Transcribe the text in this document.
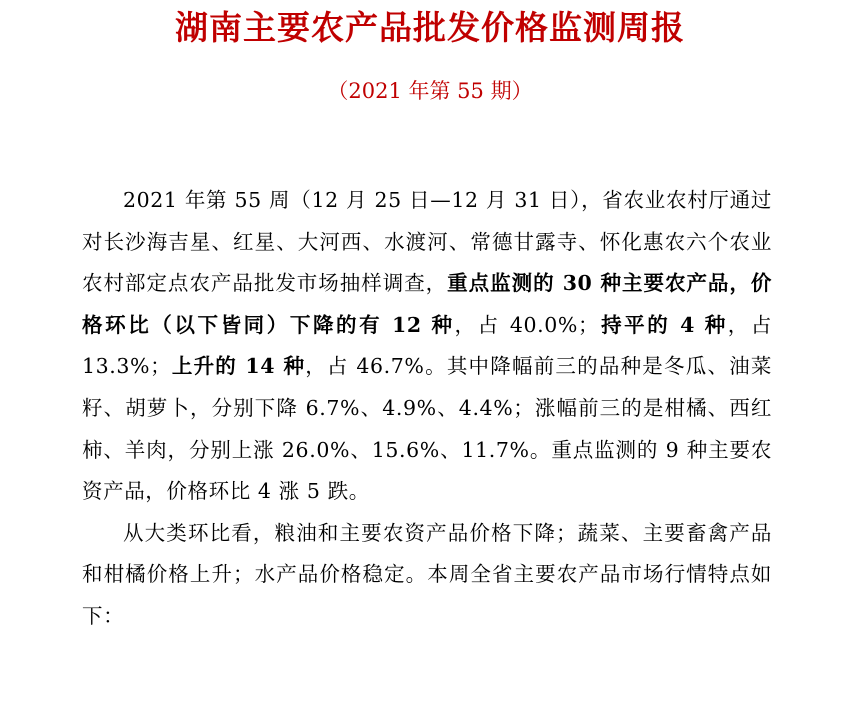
湖南主要农产品批发价格监测周报
（2021 年第 55 期）

2021 年第 55 周（12 月 25 日—12 月 31 日），省农业农村厅通过对长沙海吉星、红星、大河西、水渡河、常德甘露寺、怀化惠农六个农业农村部定点农产品批发市场抽样调查，重点监测的 30 种主要农产品，价格环比（以下皆同）下降的有 12 种，占 40.0%；持平的 4 种，占 13.3%；上升的 14 种，占 46.7%。其中降幅前三的品种是冬瓜、油菜籽、胡萝卜，分别下降 6.7%、4.9%、4.4%；涨幅前三的是柑橘、西红柿、羊肉，分别上涨 26.0%、15.6%、11.7%。重点监测的 9 种主要农资产品，价格环比 4 涨 5 跌。

从大类环比看，粮油和主要农资产品价格下降；蔬菜、主要畜禽产品和柑橘价格上升；水产品价格稳定。本周全省主要农产品市场行情特点如下：
